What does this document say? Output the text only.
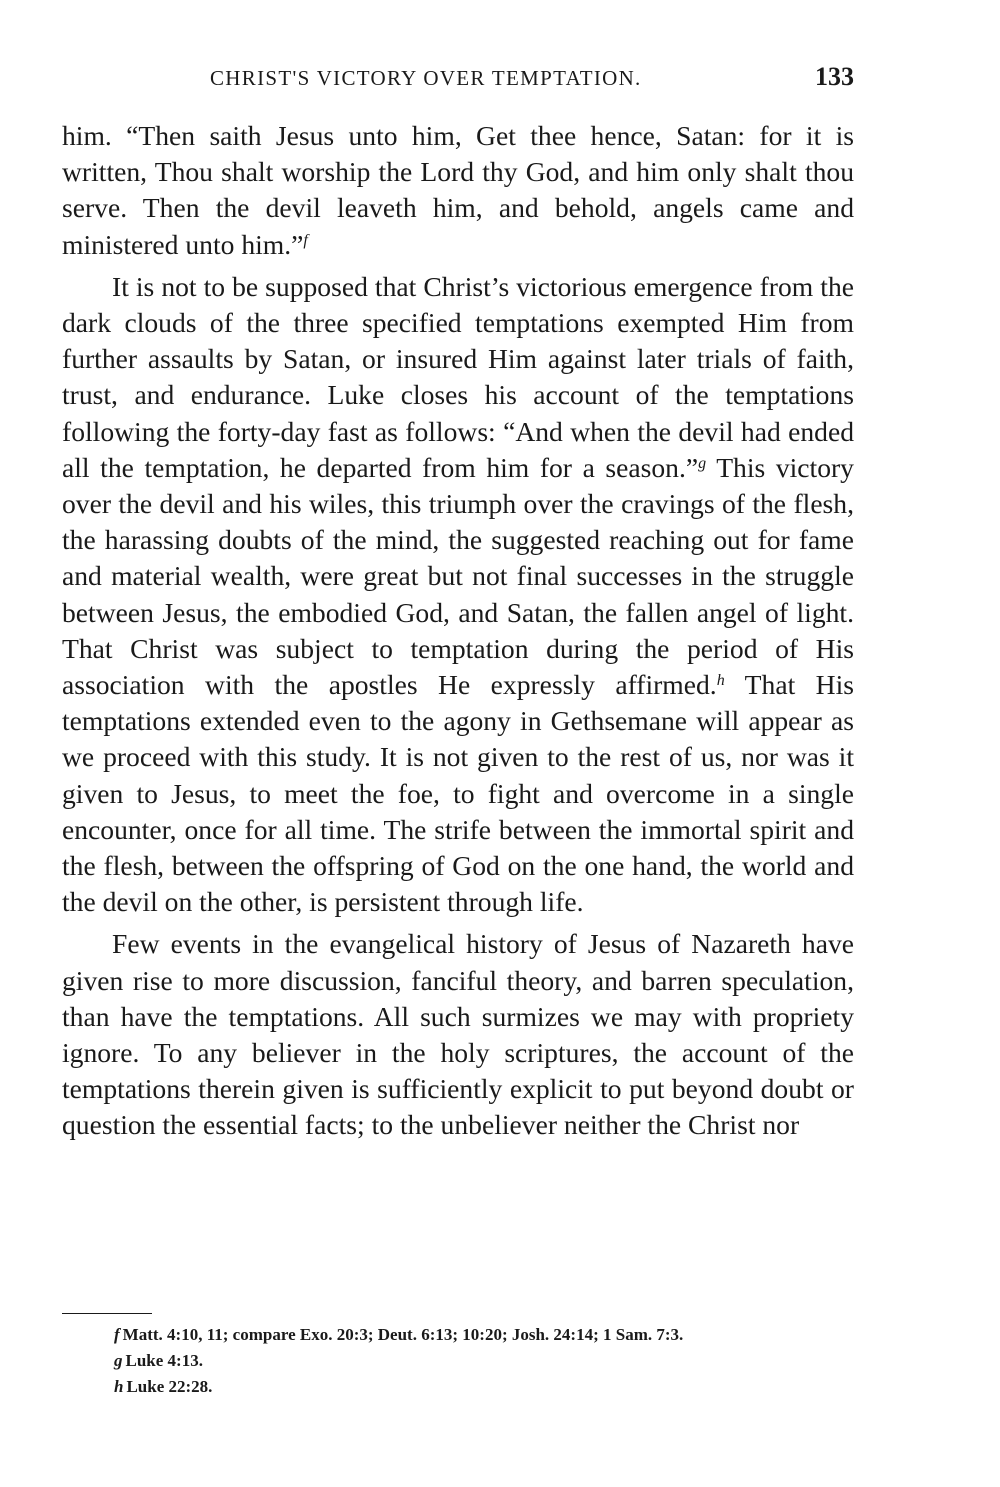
CHRIST'S VICTORY OVER TEMPTATION.	133

him. “Then saith Jesus unto him, Get thee hence, Satan: for it is written, Thou shalt worship the Lord thy God, and him only shalt thou serve. Then the devil leaveth him, and behold, angels came and ministered unto him.”$^f$

It is not to be supposed that Christ’s victorious emergence from the dark clouds of the three specified temptations exempted Him from further assaults by Satan, or insured Him against later trials of faith, trust, and endurance. Luke closes his account of the temptations following the forty-day fast as follows: “And when the devil had ended all the temptation, he departed from him for a season.”$^g$ This victory over the devil and his wiles, this triumph over the cravings of the flesh, the harassing doubts of the mind, the suggested reaching out for fame and material wealth, were great but not final successes in the struggle between Jesus, the embodied God, and Satan, the fallen angel of light. That Christ was subject to temptation during the period of His association with the apostles He expressly affirmed.$^h$ That His temptations extended even to the agony in Gethsemane will appear as we proceed with this study. It is not given to the rest of us, nor was it given to Jesus, to meet the foe, to fight and overcome in a single encounter, once for all time. The strife between the immortal spirit and the flesh, between the offspring of God on the one hand, the world and the devil on the other, is persistent through life.

Few events in the evangelical history of Jesus of Nazareth have given rise to more discussion, fanciful theory, and barren speculation, than have the temptations. All such surmizes we may with propriety ignore. To any believer in the holy scriptures, the account of the temptations therein given is sufficiently explicit to put beyond doubt or question the essential facts; to the unbeliever neither the Christ nor

f Matt. 4:10, 11; compare Exo. 20:3; Deut. 6:13; 10:20; Josh. 24:14; 1 Sam. 7:3.

g Luke 4:13.

h Luke 22:28.
